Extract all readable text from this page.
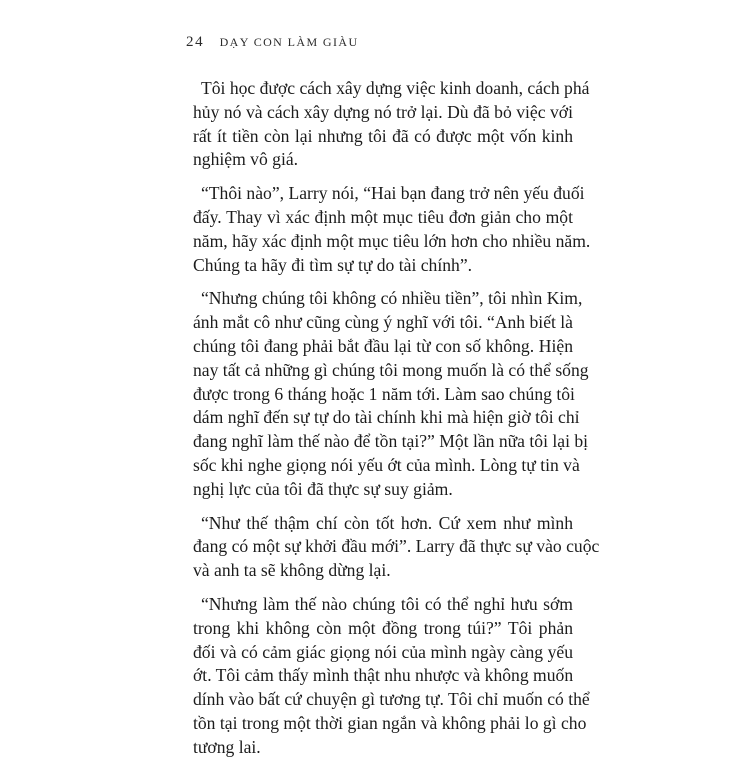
24 DẠY CON LÀM GIÀU

Tôi học được cách xây dựng việc kinh doanh, cách phá
hủy nó và cách xây dựng nó trở lại. Dù đã bỏ việc với
rất ít tiền còn lại nhưng tôi đã có được một vốn kinh
nghiệm vô giá.

“Thôi nào”, Larry nói, “Hai bạn đang trở nên yếu đuối
đấy. Thay vì xác định một mục tiêu đơn giản cho một
năm, hãy xác định một mục tiêu lớn hơn cho nhiều năm.
Chúng ta hãy đi tìm sự tự do tài chính”.

“Nhưng chúng tôi không có nhiều tiền”, tôi nhìn Kim,
ánh mắt cô như cũng cùng ý nghĩ với tôi. “Anh biết là
chúng tôi đang phải bắt đầu lại từ con số không. Hiện
nay tất cả những gì chúng tôi mong muốn là có thể sống
được trong 6 tháng hoặc 1 năm tới. Làm sao chúng tôi
dám nghĩ đến sự tự do tài chính khi mà hiện giờ tôi chỉ
đang nghĩ làm thế nào để tồn tại?” Một lần nữa tôi lại bị
sốc khi nghe giọng nói yếu ớt của mình. Lòng tự tin và
nghị lực của tôi đã thực sự suy giảm.

“Như thế thậm chí còn tốt hơn. Cứ xem như mình
đang có một sự khởi đầu mới”. Larry đã thực sự vào cuộc
và anh ta sẽ không dừng lại.

“Nhưng làm thế nào chúng tôi có thể nghỉ hưu sớm
trong khi không còn một đồng trong túi?” Tôi phản
đối và có cảm giác giọng nói của mình ngày càng yếu
ớt. Tôi cảm thấy mình thật nhu nhược và không muốn
dính vào bất cứ chuyện gì tương tự. Tôi chỉ muốn có thể
tồn tại trong một thời gian ngắn và không phải lo gì cho
tương lai.
